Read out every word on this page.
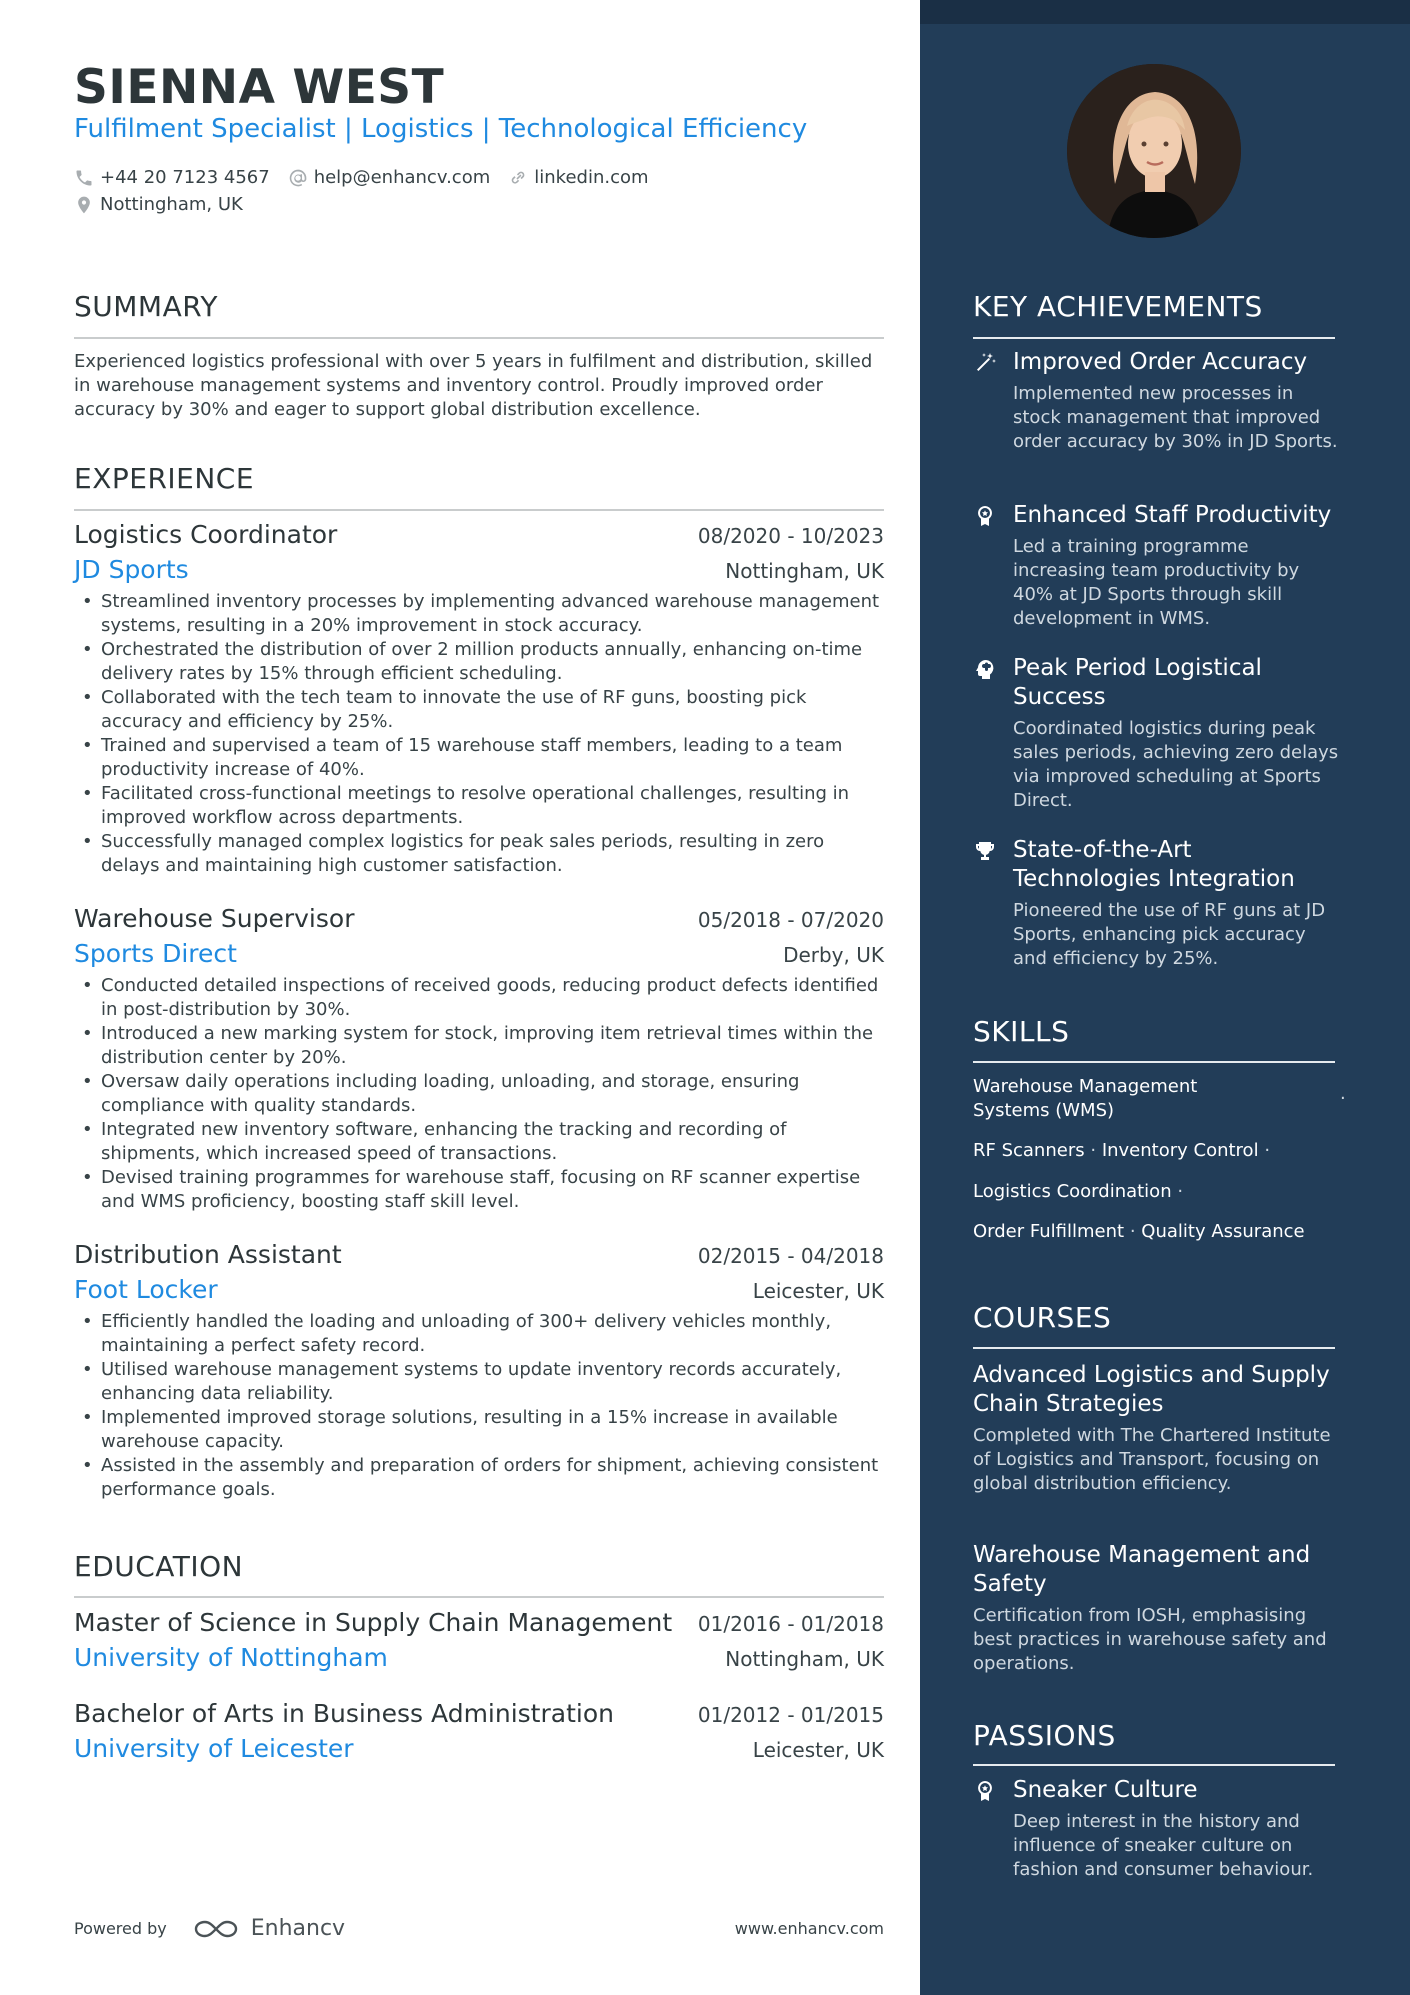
SIENNA WEST
Fulfilment Specialist | Logistics | Technological Efficiency
+44 20 7123 4567 help@enhancv.com linkedin.com
Nottingham, UK
SUMMARY
Experienced logistics professional with over 5 years in fulfilment and distribution, skilled in warehouse management systems and inventory control. Proudly improved order accuracy by 30% and eager to support global distribution excellence.
EXPERIENCE
Logistics Coordinator	08/2020 - 10/2023
JD Sports	Nottingham, UK
• Streamlined inventory processes by implementing advanced warehouse management systems, resulting in a 20% improvement in stock accuracy.
• Orchestrated the distribution of over 2 million products annually, enhancing on-time delivery rates by 15% through efficient scheduling.
• Collaborated with the tech team to innovate the use of RF guns, boosting pick accuracy and efficiency by 25%.
• Trained and supervised a team of 15 warehouse staff members, leading to a team productivity increase of 40%.
• Facilitated cross-functional meetings to resolve operational challenges, resulting in improved workflow across departments.
• Successfully managed complex logistics for peak sales periods, resulting in zero delays and maintaining high customer satisfaction.
Warehouse Supervisor	05/2018 - 07/2020
Sports Direct	Derby, UK
• Conducted detailed inspections of received goods, reducing product defects identified in post-distribution by 30%.
• Introduced a new marking system for stock, improving item retrieval times within the distribution center by 20%.
• Oversaw daily operations including loading, unloading, and storage, ensuring compliance with quality standards.
• Integrated new inventory software, enhancing the tracking and recording of shipments, which increased speed of transactions.
• Devised training programmes for warehouse staff, focusing on RF scanner expertise and WMS proficiency, boosting staff skill level.
Distribution Assistant	02/2015 - 04/2018
Foot Locker	Leicester, UK
• Efficiently handled the loading and unloading of 300+ delivery vehicles monthly, maintaining a perfect safety record.
• Utilised warehouse management systems to update inventory records accurately, enhancing data reliability.
• Implemented improved storage solutions, resulting in a 15% increase in available warehouse capacity.
• Assisted in the assembly and preparation of orders for shipment, achieving consistent performance goals.
EDUCATION
Master of Science in Supply Chain Management 01/2016 - 01/2018
University of Nottingham	Nottingham, UK
Bachelor of Arts in Business Administration	01/2012 - 01/2015
University of Leicester	Leicester, UK
Powered by	Enhancv	www.enhancv.com
KEY ACHIEVEMENTS
Improved Order Accuracy
Implemented new processes in stock management that improved order accuracy by 30% in JD Sports.
Enhanced Staff Productivity
Led a training programme increasing team productivity by 40% at JD Sports through skill development in WMS.
Peak Period Logistical Success
Coordinated logistics during peak sales periods, achieving zero delays via improved scheduling at Sports Direct.
State-of-the-Art Technologies Integration
Pioneered the use of RF guns at JD Sports, enhancing pick accuracy and efficiency by 25%.
SKILLS
Warehouse Management Systems (WMS)
·
RF Scanners · Inventory Control ·
Logistics Coordination ·
Order Fulfillment · Quality Assurance
COURSES
Advanced Logistics and Supply Chain Strategies
Completed with The Chartered Institute of Logistics and Transport, focusing on global distribution efficiency.
Warehouse Management and Safety
Certification from IOSH, emphasising best practices in warehouse safety and operations.
PASSIONS
Sneaker Culture
Deep interest in the history and influence of sneaker culture on fashion and consumer behaviour.
